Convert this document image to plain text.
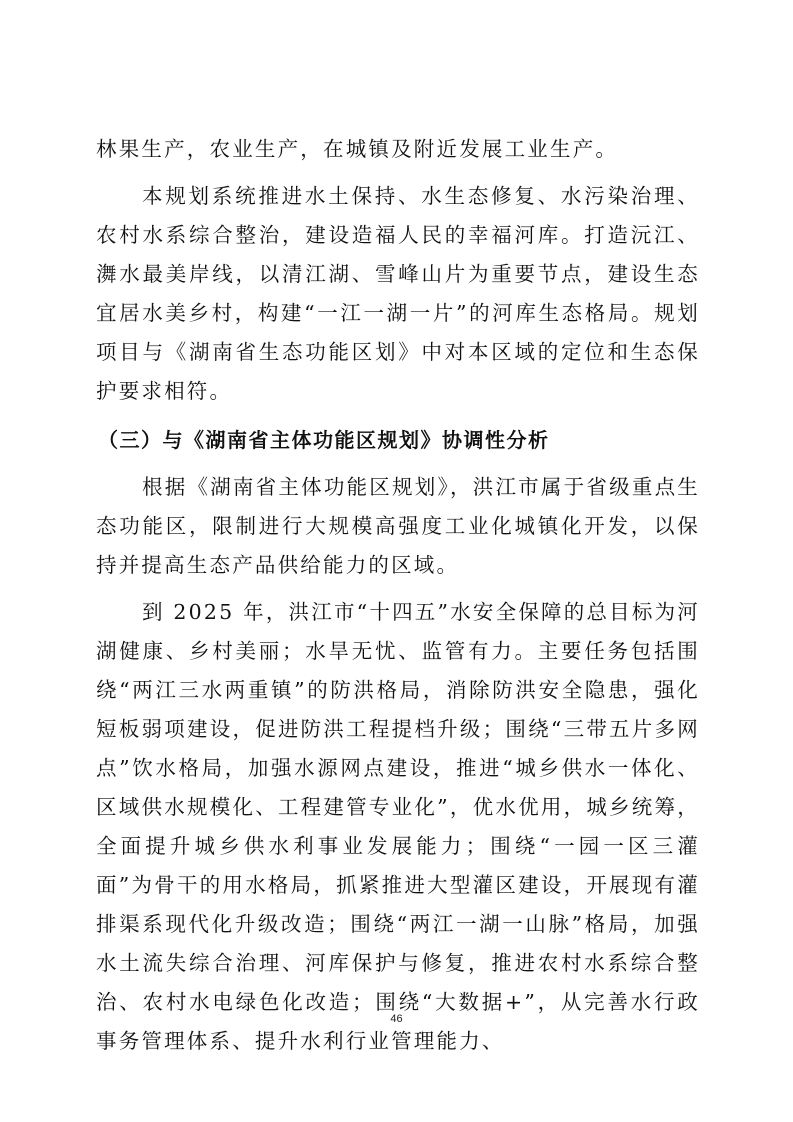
林果生产，农业生产，在城镇及附近发展工业生产。

本规划系统推进水土保持、水生态修复、水污染治理、农村水系综合整治，建设造福人民的幸福河库。打造沅江、㵲水最美岸线，以清江湖、雪峰山片为重要节点，建设生态宜居水美乡村，构建“一江一湖一片”的河库生态格局。规划项目与《湖南省生态功能区划》中对本区域的定位和生态保护要求相符。

（三）与《湖南省主体功能区规划》协调性分析

根据《湖南省主体功能区规划》，洪江市属于省级重点生态功能区，限制进行大规模高强度工业化城镇化开发，以保持并提高生态产品供给能力的区域。

到 2025 年，洪江市“十四五”水安全保障的总目标为河湖健康、乡村美丽；水旱无忧、监管有力。主要任务包括围绕“两江三水两重镇”的防洪格局，消除防洪安全隐患，强化短板弱项建设，促进防洪工程提档升级；围绕“三带五片多网点”饮水格局，加强水源网点建设，推进“城乡供水一体化、区域供水规模化、工程建管专业化”，优水优用，城乡统筹，全面提升城乡供水利事业发展能力；围绕“一园一区三灌面”为骨干的用水格局，抓紧推进大型灌区建设，开展现有灌排渠系现代化升级改造；围绕“两江一湖一山脉”格局，加强水土流失综合治理、河库保护与修复，推进农村水系综合整治、农村水电绿色化改造；围绕“大数据+”，从完善水行政事务管理体系、提升水利行业管理能力、

46
